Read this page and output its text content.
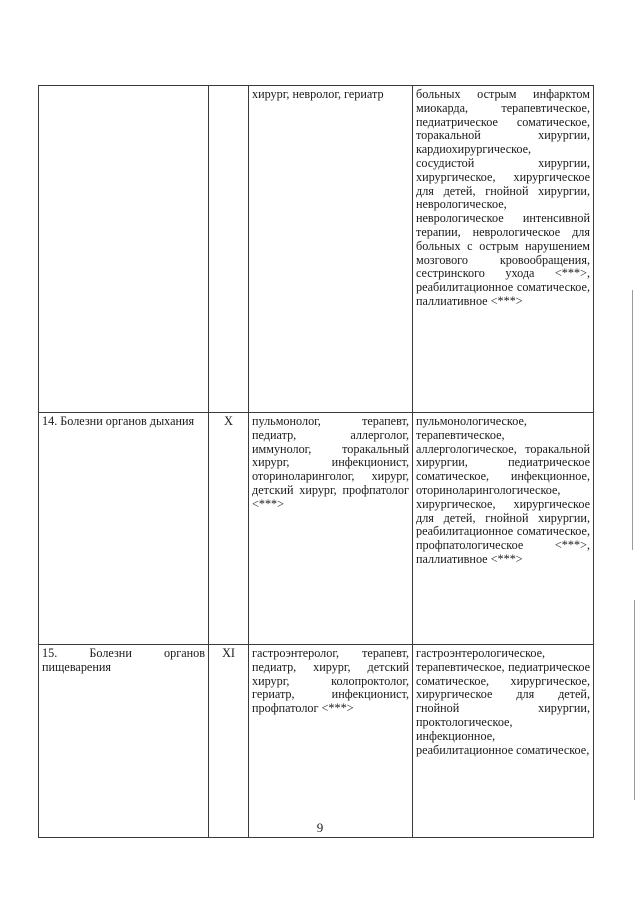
		хирург, невролог, гериатр	больных острым инфарктом миокарда, терапевтическое, педиатрическое соматическое, торакальной хирургии, кардиохирургическое, сосудистой хирургии, хирургическое, хирургическое для детей, гнойной хирургии, неврологическое, неврологическое интенсивной терапии, неврологическое для больных с острым нарушением мозгового кровообращения, сестринского ухода <***>, реабилитационное соматическое, паллиативное <***>
14. Болезни органов дыхания	X	пульмонолог, терапевт, педиатр, аллерголог, иммунолог, торакальный хирург, инфекционист, оториноларинголог, хирург, детский хирург, профпатолог <***>	пульмонологическое, терапевтическое, аллергологическое, торакальной хирургии, педиатрическое соматическое, инфекционное, оториноларингологическое, хирургическое, хирургическое для детей, гнойной хирургии, реабилитационное соматическое, профпатологическое <***>, паллиативное <***>
15. Болезни органов пищеварения	XI	гастроэнтеролог, терапевт, педиатр, хирург, детский хирург, колопроктолог, гериатр, инфекционист, профпатолог <***>	гастроэнтерологическое, терапевтическое, педиатрическое соматическое, хирургическое, хирургическое для детей, гнойной хирургии, проктологическое, инфекционное, реабилитационное соматическое,
9
